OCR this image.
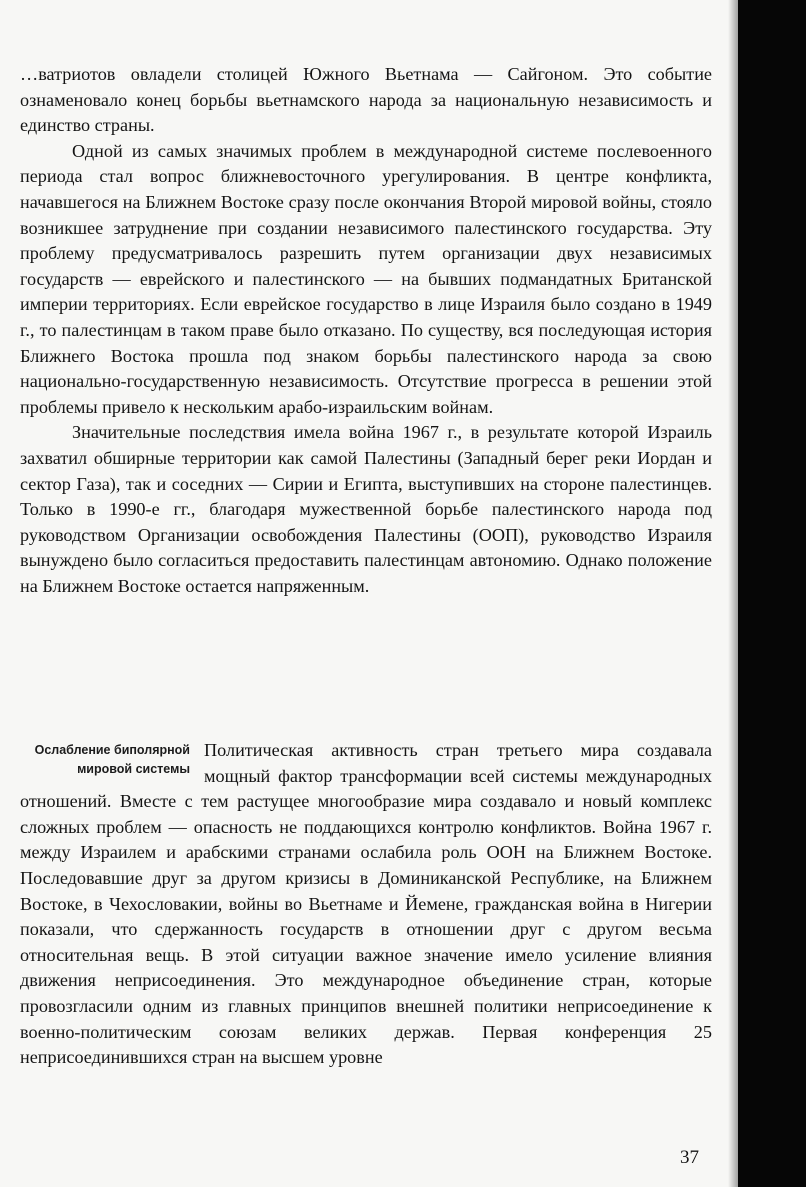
…ватриотов овладели столицей Южного Вьетнама — Сайгоном. Это событие ознаменовало конец борьбы вьетнамского народа за национальную независимость и единство страны.

Одной из самых значимых проблем в международной системе послевоенного периода стал вопрос ближневосточного урегулирования. В центре конфликта, начавшегося на Ближнем Востоке сразу после окончания Второй мировой войны, стояло возникшее затруднение при создании независимого палестинского государства. Эту проблему предусматривалось разрешить путем организации двух независимых государств — еврейского и палестинского — на бывших подмандатных Британской империи территориях. Если еврейское государство в лице Израиля было создано в 1949 г., то палестинцам в таком праве было отказано. По существу, вся последующая история Ближнего Востока прошла под знаком борьбы палестинского народа за свою национально-государственную независимость. Отсутствие прогресса в решении этой проблемы привело к нескольким арабо-израильским войнам.

Значительные последствия имела война 1967 г., в результате которой Израиль захватил обширные территории как самой Палестины (Западный берег реки Иордан и сектор Газа), так и соседних — Сирии и Египта, выступивших на стороне палестинцев. Только в 1990-е гг., благодаря мужественной борьбе палестинского народа под руководством Организации освобождения Палестины (ООП), руководство Израиля вынуждено было согласиться предоставить палестинцам автономию. Однако положение на Ближнем Востоке остается напряженным.

Ослабление биполярной мировой системы

Политическая активность стран третьего мира создавала мощный фактор трансформации всей системы международных отношений. Вместе с тем растущее многообразие мира создавало и новый комплекс сложных проблем — опасность не поддающихся контролю конфликтов. Война 1967 г. между Израилем и арабскими странами ослабила роль ООН на Ближнем Востоке. Последовавшие друг за другом кризисы в Доминиканской Республике, на Ближнем Востоке, в Чехословакии, войны во Вьетнаме и Йемене, гражданская война в Нигерии показали, что сдержанность государств в отношении друг с другом весьма относительная вещь. В этой ситуации важное значение имело усиление влияния движения неприсоединения. Это международное объединение стран, которые провозгласили одним из главных принципов внешней политики неприсоединение к военно-политическим союзам великих держав. Первая конференция 25 неприсоединившихся стран на высшем уровне

37
